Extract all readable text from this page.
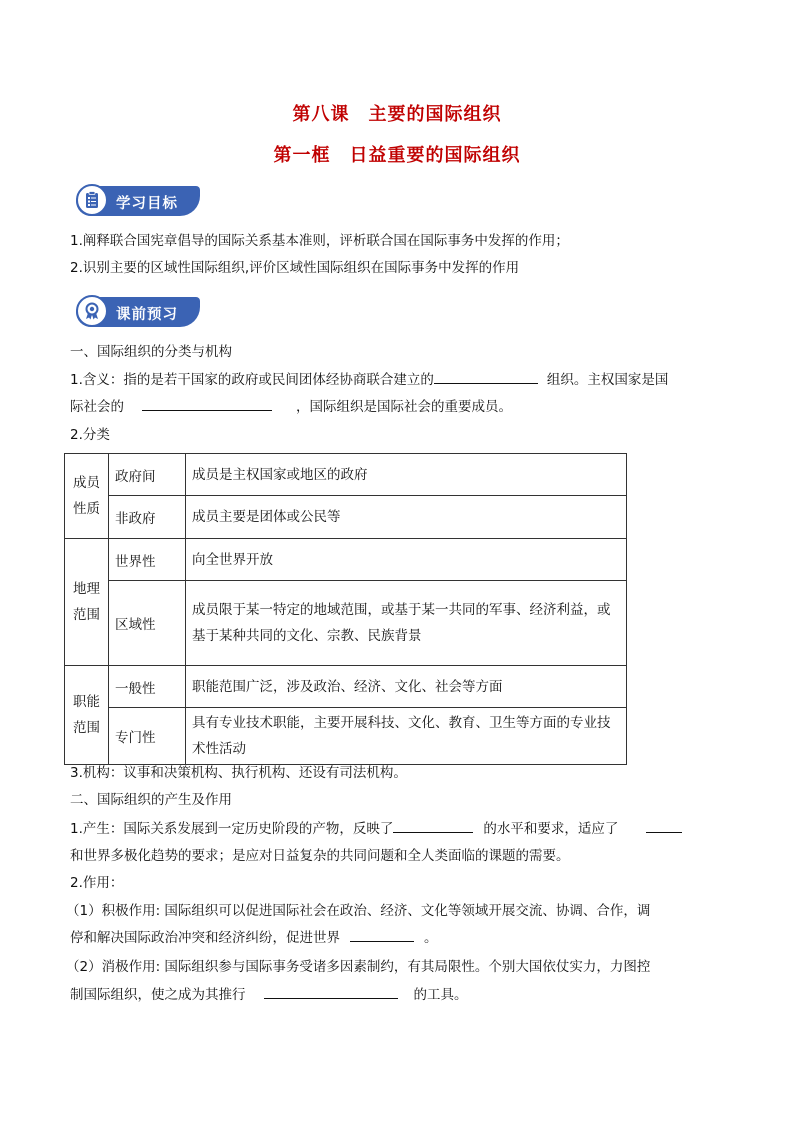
第八课　主要的国际组织
第一框　日益重要的国际组织
学习目标
1.阐释联合国宪章倡导的国际关系基本准则，评析联合国在国际事务中发挥的作用；
2.识别主要的区域性国际组织,评价区域性国际组织在国际事务中发挥的作用
课前预习
一、国际组织的分类与机构
1.含义：指的是若干国家的政府或民间团体经协商联合建立的	组织。主权国家是国
际社会的	，国际组织是国际社会的重要成员。
2.分类
成员性质	政府间	成员是主权国家或地区的政府
	非政府	成员主要是团体或公民等
地理范围	世界性	向全世界开放
	区域性	成员限于某一特定的地域范围，或基于某一共同的军事、经济利益，或基于某种共同的文化、宗教、民族背景
职能范围	一般性	职能范围广泛，涉及政治、经济、文化、社会等方面
	专门性	具有专业技术职能，主要开展科技、文化、教育、卫生等方面的专业技术性活动
3.机构：议事和决策机构、执行机构、还设有司法机构。
二、国际组织的产生及作用
1.产生：国际关系发展到一定历史阶段的产物，反映了	的水平和要求，适应了
和世界多极化趋势的要求；是应对日益复杂的共同问题和全人类面临的课题的需要。
2.作用：
（1）积极作用: 国际组织可以促进国际社会在政治、经济、文化等领域开展交流、协调、合作，调
停和解决国际政治冲突和经济纠纷，促进世界	。
（2）消极作用: 国际组织参与国际事务受诸多因素制约，有其局限性。个别大国依仗实力，力图控
制国际组织，使之成为其推行	的工具。
